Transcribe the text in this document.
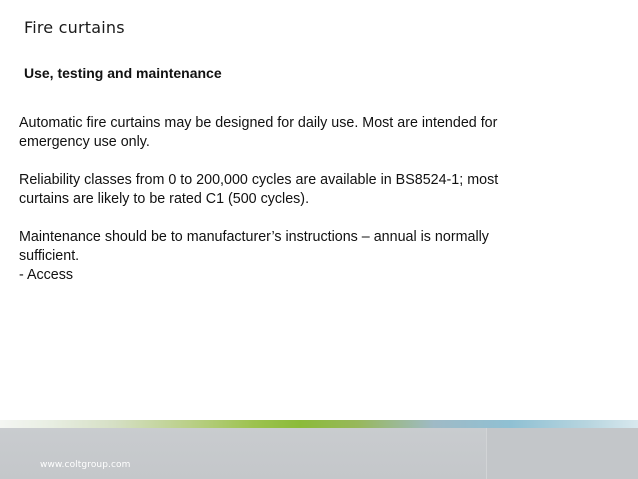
Fire curtains
Use, testing and maintenance

Automatic fire curtains may be designed for daily use. Most are intended for
emergency use only.

Reliability classes from 0 to 200,000 cycles are available in BS8524-1; most
curtains are likely to be rated C1 (500 cycles).

Maintenance should be to manufacturer’s instructions – annual is normally
sufficient.
- Access

www.coltgroup.com
